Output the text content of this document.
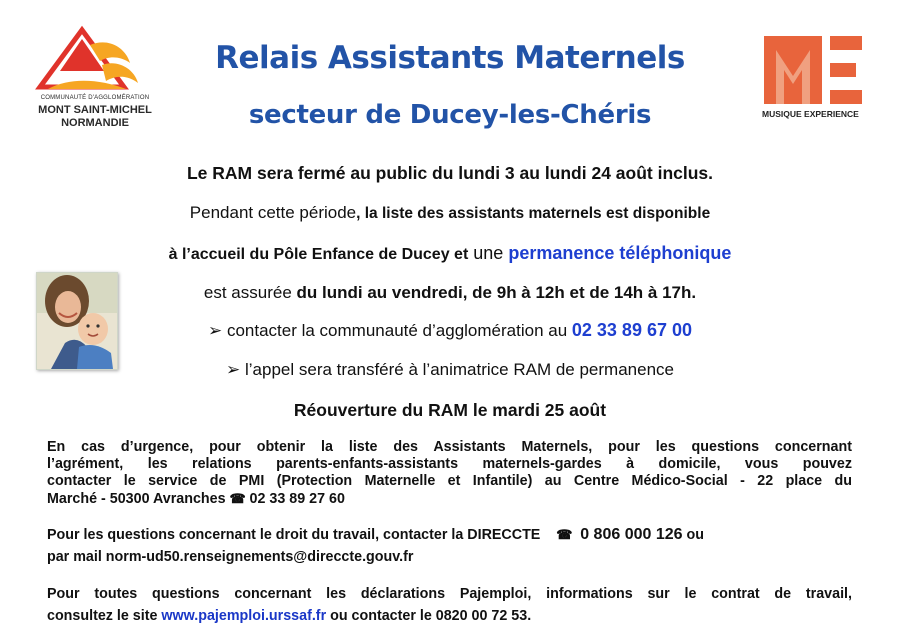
COMMUNAUTÉ D'AGGLOMÉRATION
MONT SAINT-MICHEL
NORMANDIE
MUSIQUE EXPERIENCE
Relais Assistants Maternels
secteur de Ducey-les-Chéris
Le RAM sera fermé au public du lundi 3 au lundi 24 août inclus.
Pendant cette période, la liste des assistants maternels est disponible
à l’accueil du Pôle Enfance de Ducey et une permanence téléphonique
est assurée du lundi au vendredi, de 9h à 12h et de 14h à 17h.
➢ contacter la communauté d’agglomération au 02 33 89 67 00
➢ l’appel sera transféré à l’animatrice RAM de permanence
Réouverture du RAM le mardi 25 août
En cas d’urgence, pour obtenir la liste des Assistants Maternels, pour les questions concernant
l’agrément, les relations parents-enfants-assistants maternels-gardes à domicile, vous pouvez
contacter le service de PMI (Protection Maternelle et Infantile) au Centre Médico-Social - 22 place du
Marché - 50300 Avranches ☎ 02 33 89 27 60
Pour les questions concernant le droit du travail, contacter la DIRECCTE    ☎ 0 806 000 126 ou
par mail norm-ud50.renseignements@direccte.gouv.fr
Pour toutes questions concernant les déclarations Pajemploi, informations sur le contrat de travail,
consultez le site www.pajemploi.urssaf.fr ou contacter le 0820 00 72 53.
